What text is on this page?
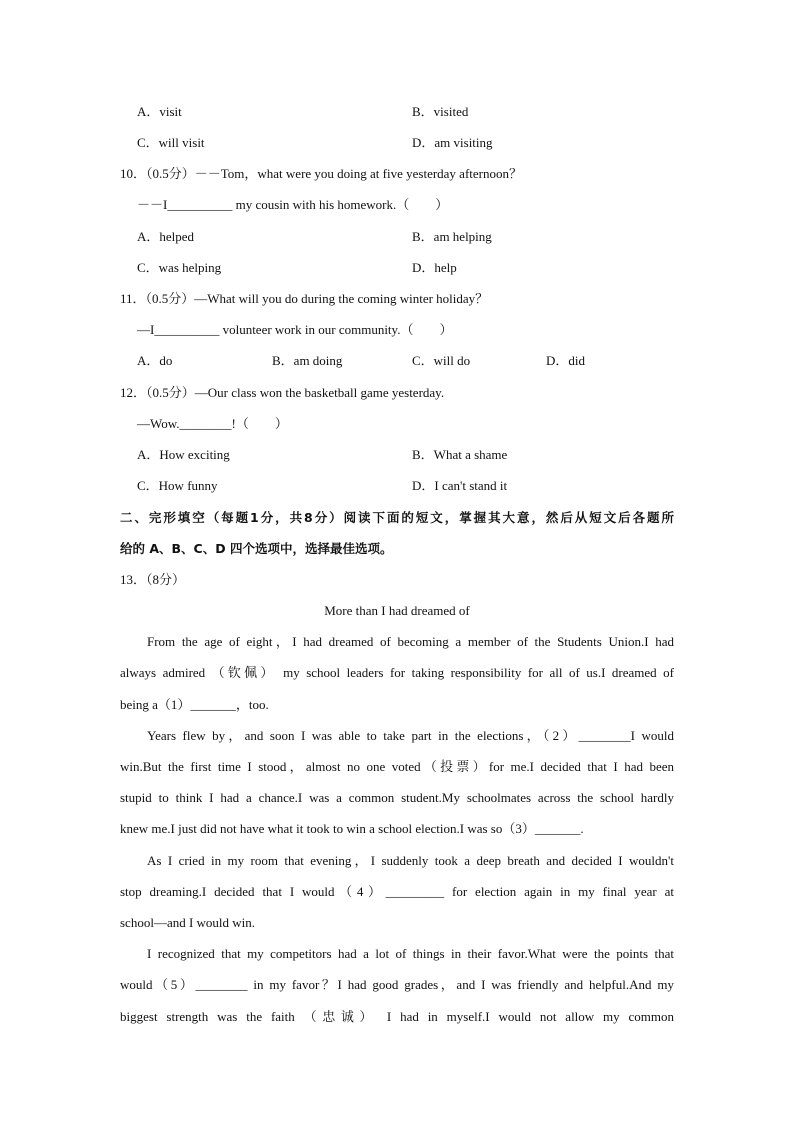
A．visit	B．visited
C．will visit	D．am visiting
10．（0.5分）－－Tom，what were you doing at five yesterday afternoon？
－－I__________ my cousin with his homework.（　　）
A．helped	B．am helping
C．was helping	D．help
11．（0.5分）—What will you do during the coming winter holiday？
—I__________ volunteer work in our community.（　　）
A．do	B．am doing	C．will do	D．did
12．（0.5分）—Our class won the basketball game yesterday.
—Wow.________!（　　）
A．How exciting	B．What a shame
C．How funny	D．I can't stand it
二、完形填空（每题1分，共8分）阅读下面的短文，掌握其大意，然后从短文后各题所
给的 A、B、C、D 四个选项中，选择最佳选项。
13．（8分）
More than I had dreamed of
From the age of eight，I had dreamed of becoming a member of the Students Union.I had
always admired （钦佩） my school leaders for taking responsibility for all of us.I dreamed of
being a（1）_______，too.
Years flew by，and soon I was able to take part in the elections，（2）________I would
win.But the first time I stood，almost no one voted（投票）for me.I decided that I had been
stupid to think I had a chance.I was a common student.My schoolmates across the school hardly
knew me.I just did not have what it took to win a school election.I was so（3）_______.
As I cried in my room that evening，I suddenly took a deep breath and decided I wouldn't
stop dreaming.I decided that I would（4）_________ for election again in my final year at
school—and I would win.
I recognized that my competitors had a lot of things in their favor.What were the points that
would（5）________ in my favor？I had good grades，and I was friendly and helpful.And my
biggest strength was the faith （忠诚） I had in myself.I would not allow my common
